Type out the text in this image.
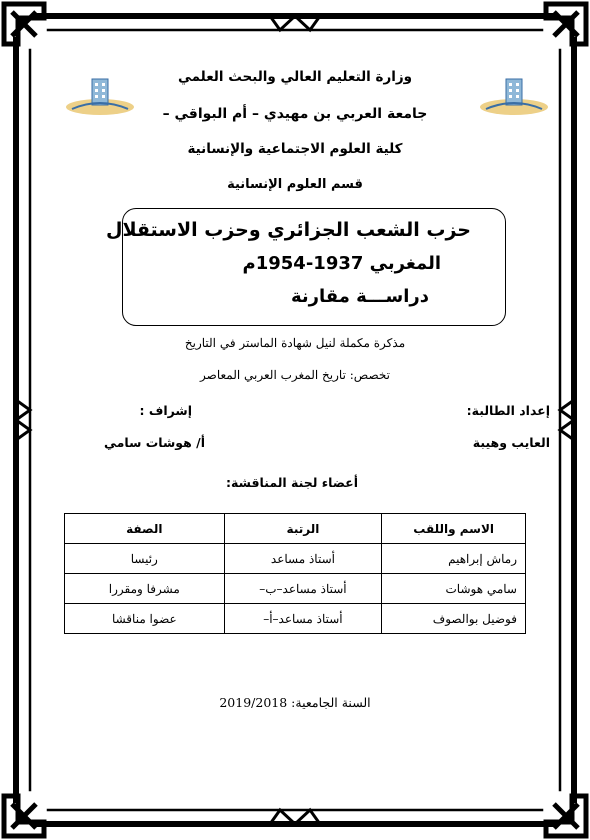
وزارة التعليم العالي والبحث العلمي
جامعة العربي بن مهيدي – أم البواقي –
كلية العلوم الاجتماعية والإنسانية
قسم العلوم الإنسانية
حزب الشعب الجزائري وحزب الاستقلال
المغربي 1937-1954م
دراســـة مقارنة
مذكرة مكملة لنيل شهادة الماستر في التاريخ
تخصص: تاريخ المغرب العربي المعاصر
إعداد الطالبة:
إشراف :
العايب وهيبة
أ/ هوشات سامي
أعضاء لجنة المناقشة:
الاسم واللقب	الرتبة	الصفة
رماش إبراهيم	أستاذ مساعد	رئيسا
سامي هوشات	أستاذ مساعد–ب–	مشرفا ومقررا
فوضيل بوالصوف	أستاذ مساعد–أ–	عضوا مناقشا
السنة الجامعية: 2019/2018
